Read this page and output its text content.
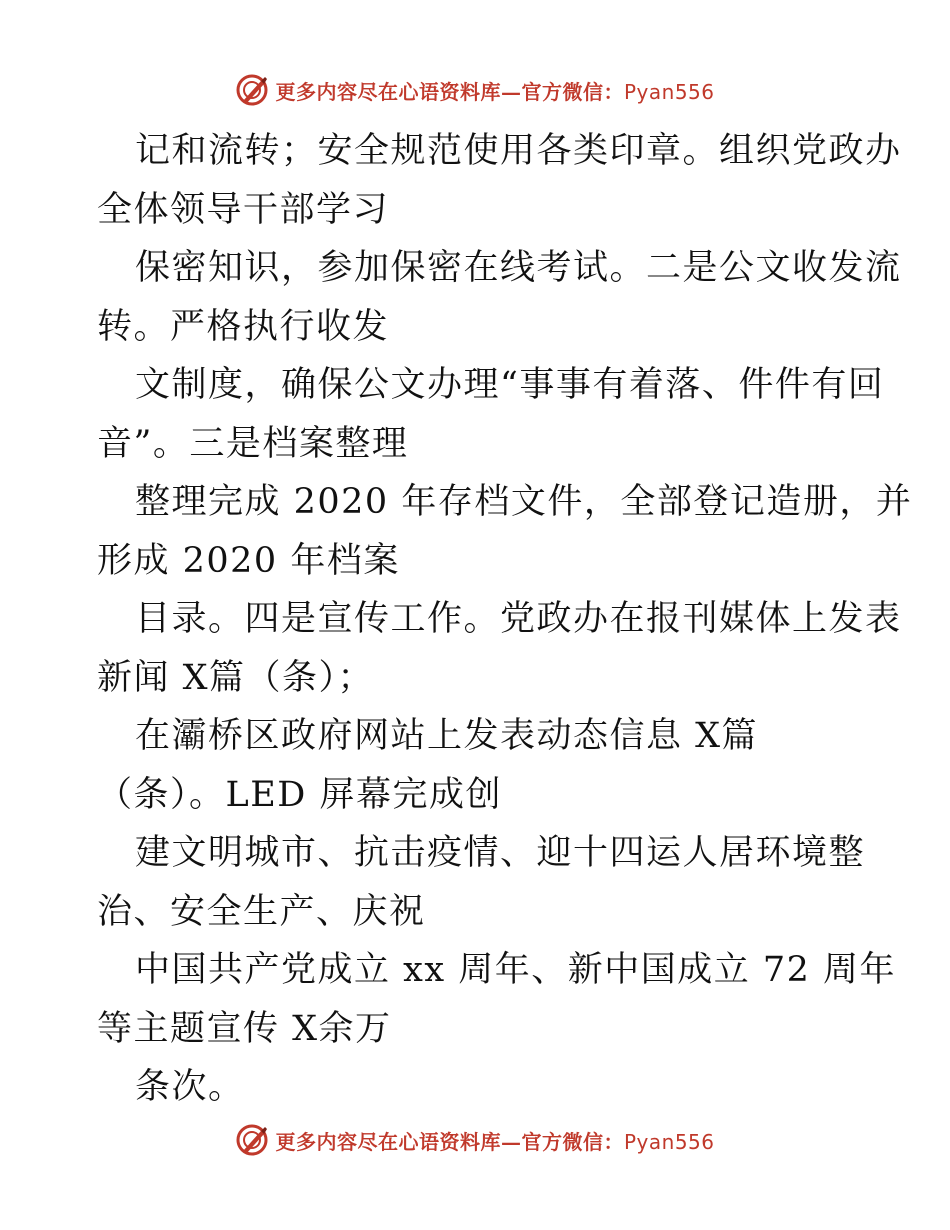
更多内容尽在心语资料库—官方微信：Pyan556
记和流转；安全规范使用各类印章。组织党政办
全体领导干部学习
保密知识，参加保密在线考试。二是公文收发流
转。严格执行收发
文制度，确保公文办理“事事有着落、件件有回
音”。三是档案整理
整理完成 2020 年存档文件，全部登记造册，并
形成 2020 年档案
目录。四是宣传工作。党政办在报刊媒体上发表
新闻 X篇（条）；
在灞桥区政府网站上发表动态信息 X篇
（条）。LED 屏幕完成创
建文明城市、抗击疫情、迎十四运人居环境整
治、安全生产、庆祝
中国共产党成立 xx 周年、新中国成立 72 周年
等主题宣传 X余万
条次。
更多内容尽在心语资料库—官方微信：Pyan556
